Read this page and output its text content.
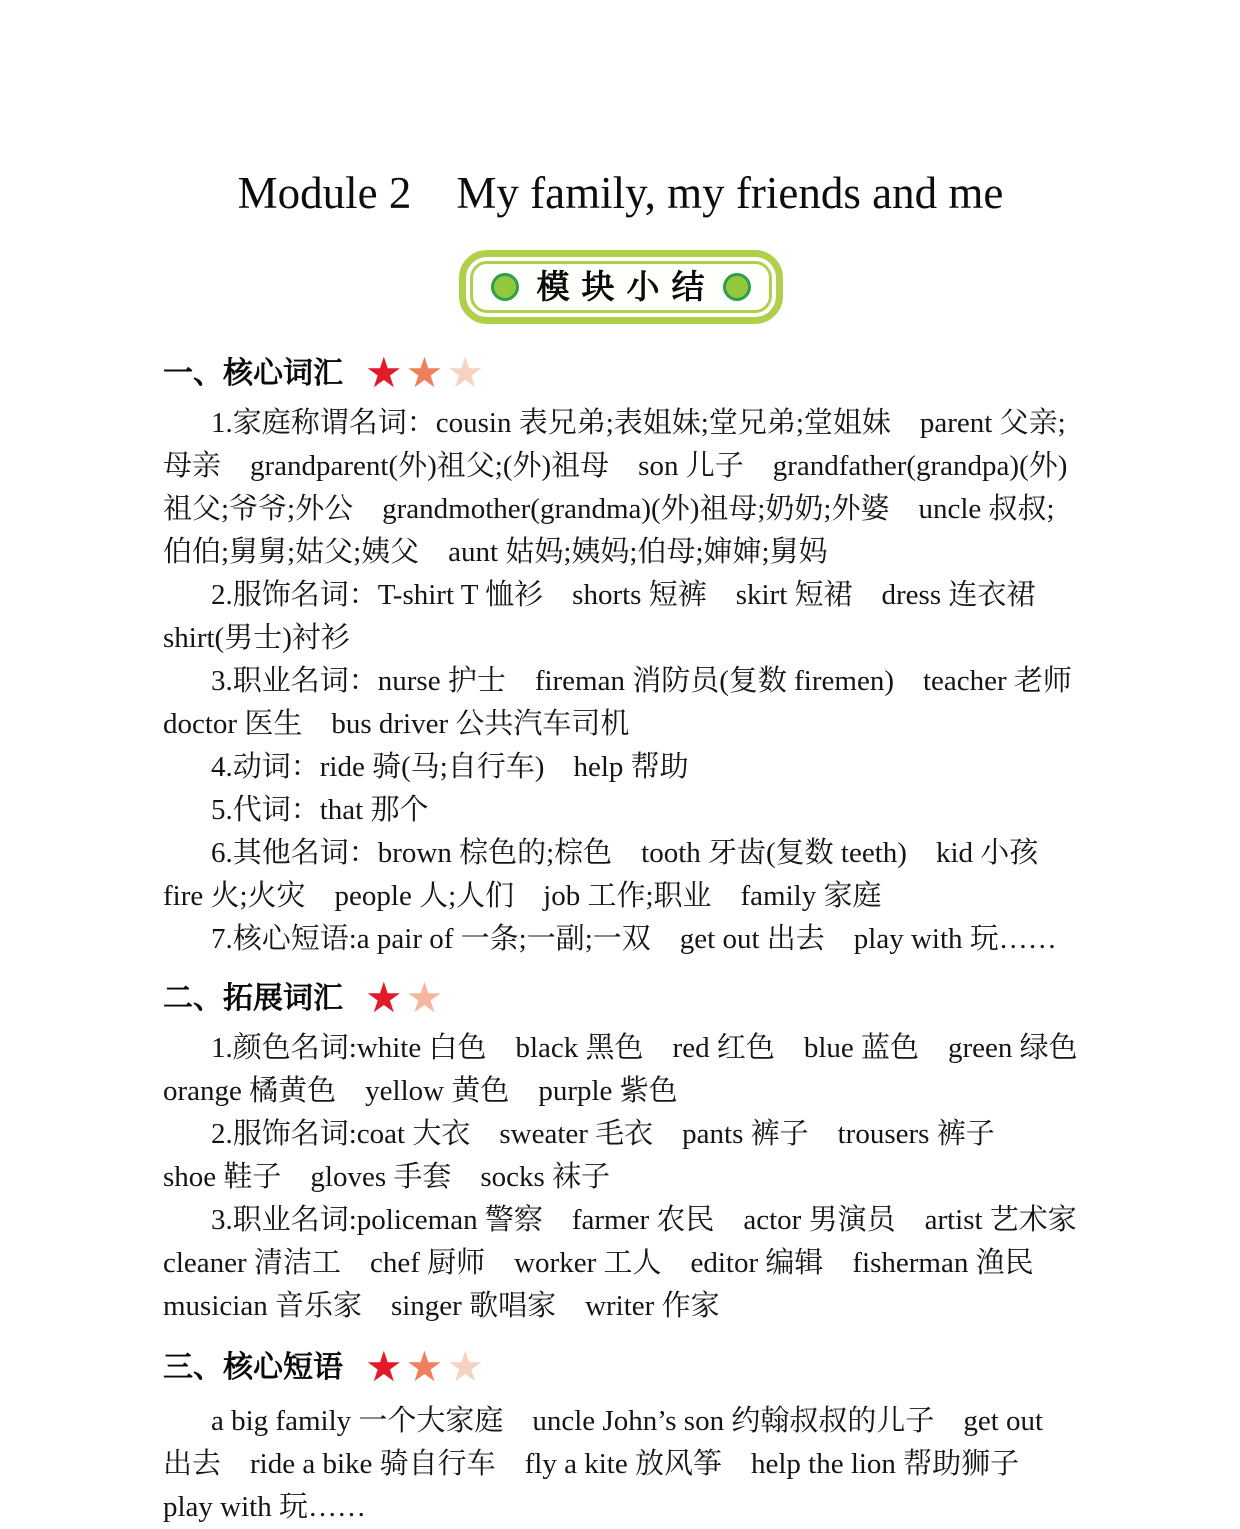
Module 2　My family, my friends and me
模块小结
一、核心词汇 ★ ★ ★

1.家庭称谓名词：cousin 表兄弟;表姐妹;堂兄弟;堂姐妹　parent 父亲;母亲　grandparent(外)祖父;(外)祖母　son 儿子　grandfather(grandpa)(外)祖父;爷爷;外公　grandmother(grandma)(外)祖母;奶奶;外婆　uncle 叔叔;伯伯;舅舅;姑父;姨父　aunt 姑妈;姨妈;伯母;婶婶;舅妈

2.服饰名词：T-shirt T 恤衫　shorts 短裤　skirt 短裙　dress 连衣裙　shirt(男士)衬衫

3.职业名词：nurse 护士　fireman 消防员(复数 firemen)　teacher 老师　doctor 医生　bus driver 公共汽车司机

4.动词：ride 骑(马;自行车)　help 帮助

5.代词：that 那个

6.其他名词：brown 棕色的;棕色　tooth 牙齿(复数 teeth)　kid 小孩　fire 火;火灾　people 人;人们　job 工作;职业　family 家庭

7.核心短语:a pair of 一条;一副;一双　get out 出去　play with 玩……

二、拓展词汇 ★ ★

1.颜色名词:white 白色　black 黑色　red 红色　blue 蓝色　green 绿色　orange 橘黄色　yellow 黄色　purple 紫色

2.服饰名词:coat 大衣　sweater 毛衣　pants 裤子　trousers 裤子　　shoe 鞋子　gloves 手套　socks 袜子

3.职业名词:policeman 警察　farmer 农民　actor 男演员　artist 艺术家　cleaner 清洁工　chef 厨师　worker 工人　editor 编辑　fisherman 渔民　musician 音乐家　singer 歌唱家　writer 作家

三、核心短语 ★ ★ ★

a big family 一个大家庭　uncle John’s son 约翰叔叔的儿子　get out 出去　ride a bike 骑自行车　fly a kite 放风筝　help the lion 帮助狮子　play with 玩……
